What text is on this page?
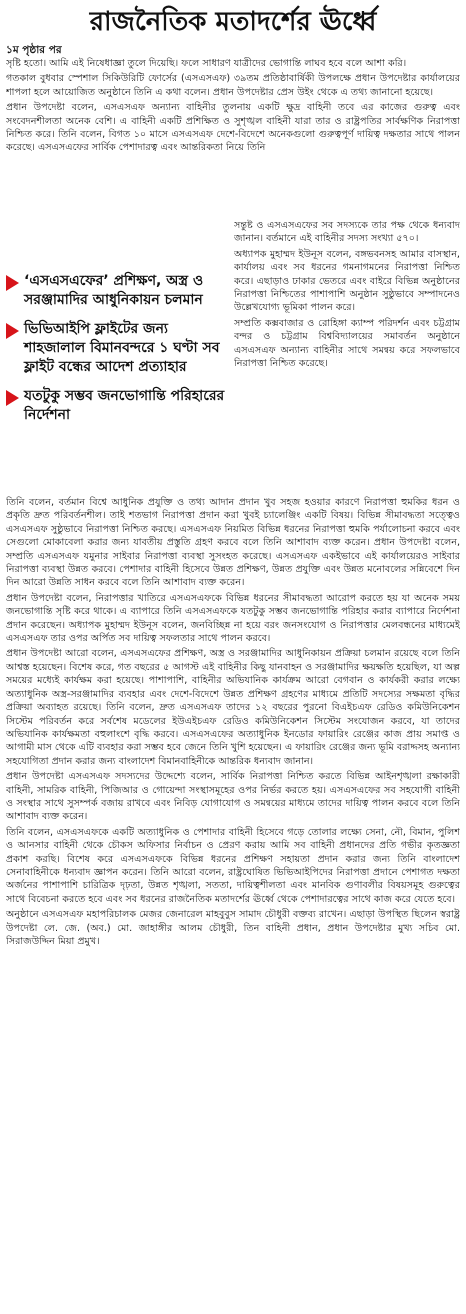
রাজনৈতিক মতাদর্শের ঊর্ধ্বে
১ম পৃষ্ঠার পর

সৃষ্টি হতো। আমি এই নিষেধাজ্ঞা তুলে দিয়েছি। ফলে সাধারণ যাত্রীদের ভোগান্তি লাঘব হবে বলে আশা করি।

গতকাল বুধবার স্পেশাল সিকিউরিটি ফোর্সের (এসএসএফ) ৩৯তম প্রতিষ্ঠাবার্ষিকী উপলক্ষে প্রধান উপদেষ্টার কার্যালয়ের শাপলা হলে আয়োজিত অনুষ্ঠানে তিনি এ কথা বলেন। প্রধান উপদেষ্টার প্রেস উইং থেকে এ তথ্য জানানো হয়েছে।

প্রধান উপদেষ্টা বলেন, এসএসএফ অন্যান্য বাহিনীর তুলনায় একটি ক্ষুদ্র বাহিনী তবে এর কাজের গুরুত্ব এবং সংবেদনশীলতা অনেক বেশি। এ বাহিনী একটি প্রশিক্ষিত ও সুশৃঙ্খল বাহিনী যারা তার ও রাষ্ট্রপতির সার্বক্ষণিক নিরাপত্তা নিশ্চিত করে। তিনি বলেন, বিগত ১০ মাসে এসএসএফ দেশে-বিদেশে অনেকগুলো গুরুত্বপূর্ণ দায়িত্ব দক্ষতার সাথে পালন করেছে। এসএসএফের সার্বিক পেশাদারত্ব এবং আন্তরিকতা নিয়ে তিনি

‘এসএসএফের’ প্রশিক্ষণ, অস্ত্র ও সরঞ্জামাদির আধুনিকায়ন চলমান
ভিভিআইপি ফ্লাইটের জন্য শাহজালাল বিমানবন্দরে ১ ঘণ্টা সব ফ্লাইট বন্ধের আদেশ প্রত্যাহার
যতটুকু সম্ভব জনভোগান্তি পরিহারের নির্দেশনা

সন্তুষ্ট ও এসএসএফের সব সদস্যকে তার পক্ষ থেকে ধন্যবাদ জানান। বর্তমানে এই বাহিনীর সদস্য সংখ্যা ৫৭০।

অধ্যাপক মুহাম্মদ ইউনূস বলেন, বঙ্গভবনসহ আমার বাসস্থান, কার্যালয় এবং সব ধরনের গমনাগমনের নিরাপত্তা নিশ্চিত করে। এছাড়াও ঢাকার ভেতরে এবং বাইরে বিভিন্ন অনুষ্ঠানের নিরাপত্তা নিশ্চিতের পাশাপাশি অনুষ্ঠান সুষ্ঠুভাবে সম্পাদনেও উল্লেখযোগ্য ভূমিকা পালন করে।

সম্প্রতি কক্সবাজার ও রোহিঙ্গা ক্যাম্প পরিদর্শন এবং চট্টগ্রাম বন্দর ও চট্টগ্রাম বিশ্ববিদ্যালয়ের সমাবর্তন অনুষ্ঠানে এসএসএফ অন্যান্য বাহিনীর সাথে সমন্বয় করে সফলভাবে নিরাপত্তা নিশ্চিত করেছে।

তিনি বলেন, বর্তমান বিশ্বে আধুনিক প্রযুক্তি ও তথ্য আদান প্রদান খুব সহজ হওয়ার কারণে নিরাপত্তা হুমকির ধরন ও প্রকৃতি দ্রুত পরিবর্তনশীল। তাই শতভাগ নিরাপত্তা প্রদান করা খুবই চ্যালেঞ্জিং একটি বিষয়। বিভিন্ন সীমাবদ্ধতা সত্ত্বেও এসএসএফ সুষ্ঠুভাবে নিরাপত্তা নিশ্চিত করছে। এসএসএফ নিয়মিত বিভিন্ন ধরনের নিরাপত্তা হুমকি পর্যালোচনা করবে এবং সেগুলো মোকাবেলা করার জন্য যাবতীয় প্রস্তুতি গ্রহণ করবে বলে তিনি আশাবাদ ব্যক্ত করেন। প্রধান উপদেষ্টা বলেন, সম্প্রতি এসএসএফ যমুনার সাইবার নিরাপত্তা ব্যবস্থা সুসংহত করেছে। এসএসএফ একইভাবে এই কার্যালয়েরও সাইবার নিরাপত্তা ব্যবস্থা উন্নত করবে। পেশাদার বাহিনী হিসেবে উন্নত প্রশিক্ষণ, উন্নত প্রযুক্তি এবং উন্নত মনোবলের সন্নিবেশে দিন দিন আরো উন্নতি সাধন করবে বলে তিনি আশাবাদ ব্যক্ত করেন।

প্রধান উপদেষ্টা বলেন, নিরাপত্তার খাতিরে এসএসএফকে বিভিন্ন ধরনের সীমাবদ্ধতা আরোপ করতে হয় যা অনেক সময় জনভোগান্তি সৃষ্টি করে থাকে। এ ব্যাপারে তিনি এসএসএফকে যতটুকু সম্ভব জনভোগান্তি পরিহার করার ব্যাপারে নির্দেশনা প্রদান করেছেন। অধ্যাপক মুহাম্মদ ইউনূস বলেন, জনবিচ্ছিন্ন না হয়ে বরং জনসংযোগ ও নিরাপত্তার মেলবন্ধনের মাধ্যমেই এসএসএফ তার ওপর অর্পিত সব দায়িত্ব সফলতার সাথে পালন করবে।

প্রধান উপদেষ্টা আরো বলেন, এসএসএফের প্রশিক্ষণ, অস্ত্র ও সরঞ্জামাদির আধুনিকায়ন প্রক্রিয়া চলমান রয়েছে বলে তিনি আশ্বস্ত হয়েছেন। বিশেষ করে, গত বছরের ৫ আগস্ট এই বাহিনীর কিছু যানবাহন ও সরঞ্জামাদির ক্ষয়ক্ষতি হয়েছিল, যা অল্প সময়ের মধ্যেই কার্যক্ষম করা হয়েছে। পাশাপাশি, বাহিনীর অভিযানিক কার্যক্রম আরো বেগবান ও কার্যকরী করার লক্ষ্যে অত্যাধুনিক অস্ত্র-সরঞ্জামাদির ব্যবহার এবং দেশে-বিদেশে উন্নত প্রশিক্ষণ গ্রহণের মাধ্যমে প্রতিটি সদস্যের সক্ষমতা বৃদ্ধির প্রক্রিয়া অব্যাহত রয়েছে। তিনি বলেন, দ্রুত এসএসএফ তাদের ১২ বছরের পুরনো বিএইচএফ রেডিও কমিউনিকেশন সিস্টেম পরিবর্তন করে সর্বশেষ মডেলের ইউএইচএফ রেডিও কমিউনিকেশন সিস্টেম সংযোজন করবে, যা তাদের অভিযানিক কার্যক্ষমতা বহুলাংশে বৃদ্ধি করবে। এসএসএফের অত্যাধুনিক ইনডোর ফায়ারিং রেঞ্জের কাজ প্রায় সমাপ্ত ও আগামী মাস থেকে এটি ব্যবহার করা সম্ভব হবে জেনে তিনি খুশি হয়েছেন। এ ফায়ারিং রেঞ্জের জন্য ভূমি বরাদ্দসহ অন্যান্য সহযোগিতা প্রদান করার জন্য বাংলাদেশ বিমানবাহিনীকে আন্তরিক ধন্যবাদ জানান।

প্রধান উপদেষ্টা এসএসএফ সদস্যদের উদ্দেশ্যে বলেন, সার্বিক নিরাপত্তা নিশ্চিত করতে বিভিন্ন আইনশৃঙ্খলা রক্ষাকারী বাহিনী, সামরিক বাহিনী, পিজিআর ও গোয়েন্দা সংস্থাসমূহের ওপর নির্ভর করতে হয়। এসএসএফের সব সহযোগী বাহিনী ও সংস্থার সাথে সুসম্পর্ক বজায় রাখবে এবং নিবিড় যোগাযোগ ও সমন্বয়ের মাধ্যমে তাদের দায়িত্ব পালন করবে বলে তিনি আশাবাদ ব্যক্ত করেন।

তিনি বলেন, এসএসএফকে একটি অত্যাধুনিক ও পেশাদার বাহিনী হিসেবে গড়ে তোলার লক্ষ্যে সেনা, নৌ, বিমান, পুলিশ ও আনসার বাহিনী থেকে চৌকস অফিসার নির্বাচন ও প্রেরণ করায় আমি সব বাহিনী প্রধানদের প্রতি গভীর কৃতজ্ঞতা প্রকাশ করছি। বিশেষ করে এসএসএফকে বিভিন্ন ধরনের প্রশিক্ষণ সহায়তা প্রদান করার জন্য তিনি বাংলাদেশ সেনাবাহিনীকে ধন্যবাদ জ্ঞাপন করেন। তিনি আরো বলেন, রাষ্ট্রঘোষিত ভিভিআইপিদের নিরাপত্তা প্রদানে পেশাগত দক্ষতা অর্জনের পাশাপাশি চারিত্রিক দৃঢ়তা, উন্নত শৃঙ্খলা, সততা, দায়িত্বশীলতা এবং মানবিক গুণাবলীর বিষয়সমূহ গুরুত্বের সাথে বিবেচনা করতে হবে এবং সব ধরনের রাজনৈতিক মতাদর্শের ঊর্ধ্বে থেকে পেশাদারত্বের সাথে কাজ করে যেতে হবে।

অনুষ্ঠানে এসএসএফ মহাপরিচালক মেজর জেনারেল মাহবুবুস সামাদ চৌধুরী বক্তব্য রাখেন। এছাড়া উপস্থিত ছিলেন স্বরাষ্ট্র উপদেষ্টা লে. জে. (অব.) মো. জাহাঙ্গীর আলম চৌধুরী, তিন বাহিনী প্রধান, প্রধান উপদেষ্টার মুখ্য সচিব মো. সিরাজউদ্দিন মিয়া প্রমুখ।
